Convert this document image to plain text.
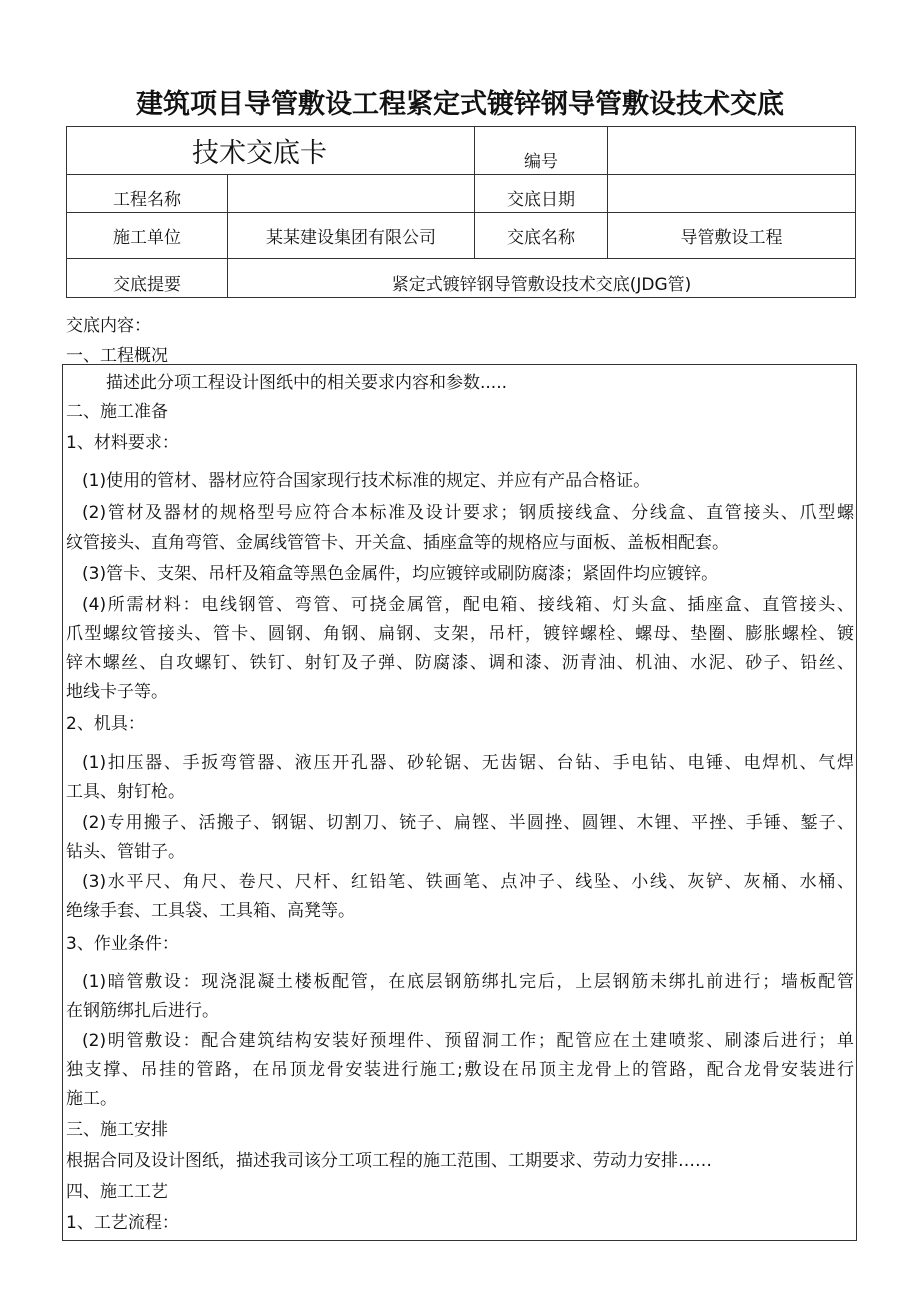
建筑项目导管敷设工程紧定式镀锌钢导管敷设技术交底
技术交底卡		编号	
工程名称		交底日期	
施工单位	某某建设集团有限公司	交底名称	导管敷设工程
交底提要	紧定式镀锌钢导管敷设技术交底(JDG管)		
交底内容：
一、工程概况
描述此分项工程设计图纸中的相关要求内容和参数.....
二、施工准备
1、材料要求：
(1)使用的管材、器材应符合国家现行技术标准的规定、并应有产品合格证。
(2)管材及器材的规格型号应符合本标准及设计要求；钢质接线盒、分线盒、直管接头、爪型螺
纹管接头、直角弯管、金属线管管卡、开关盒、插座盒等的规格应与面板、盖板相配套。
(3)管卡、支架、吊杆及箱盒等黑色金属件，均应镀锌或刷防腐漆；紧固件均应镀锌。
(4)所需材料：电线钢管、弯管、可挠金属管，配电箱、接线箱、灯头盒、插座盒、直管接头、
爪型螺纹管接头、管卡、圆钢、角钢、扁钢、支架，吊杆，镀锌螺栓、螺母、垫圈、膨胀螺栓、镀
锌木螺丝、自攻螺钉、铁钉、射钉及子弹、防腐漆、调和漆、沥青油、机油、水泥、砂子、铅丝、
地线卡子等。
2、机具：
(1)扣压器、手扳弯管器、液压开孔器、砂轮锯、无齿锯、台钻、手电钻、电锤、电焊机、气焊
工具、射钉枪。
(2)专用搬子、活搬子、钢锯、切割刀、铳子、扁铿、半圆挫、圆锂、木锂、平挫、手锤、錾子、
钻头、管钳子。
(3)水平尺、角尺、卷尺、尺杆、红铅笔、铁画笔、点冲子、线坠、小线、灰铲、灰桶、水桶、
绝缘手套、工具袋、工具箱、高凳等。
3、作业条件：
(1)暗管敷设：现浇混凝土楼板配管，在底层钢筋绑扎完后，上层钢筋未绑扎前进行；墙板配管
在钢筋绑扎后进行。
(2)明管敷设：配合建筑结构安装好预埋件、预留洞工作；配管应在土建喷浆、刷漆后进行；单
独支撑、吊挂的管路，在吊顶龙骨安装进行施工;敷设在吊顶主龙骨上的管路，配合龙骨安装进行
施工。
三、施工安排
根据合同及设计图纸，描述我司该分工项工程的施工范围、工期要求、劳动力安排……
四、施工工艺
1、工艺流程：
